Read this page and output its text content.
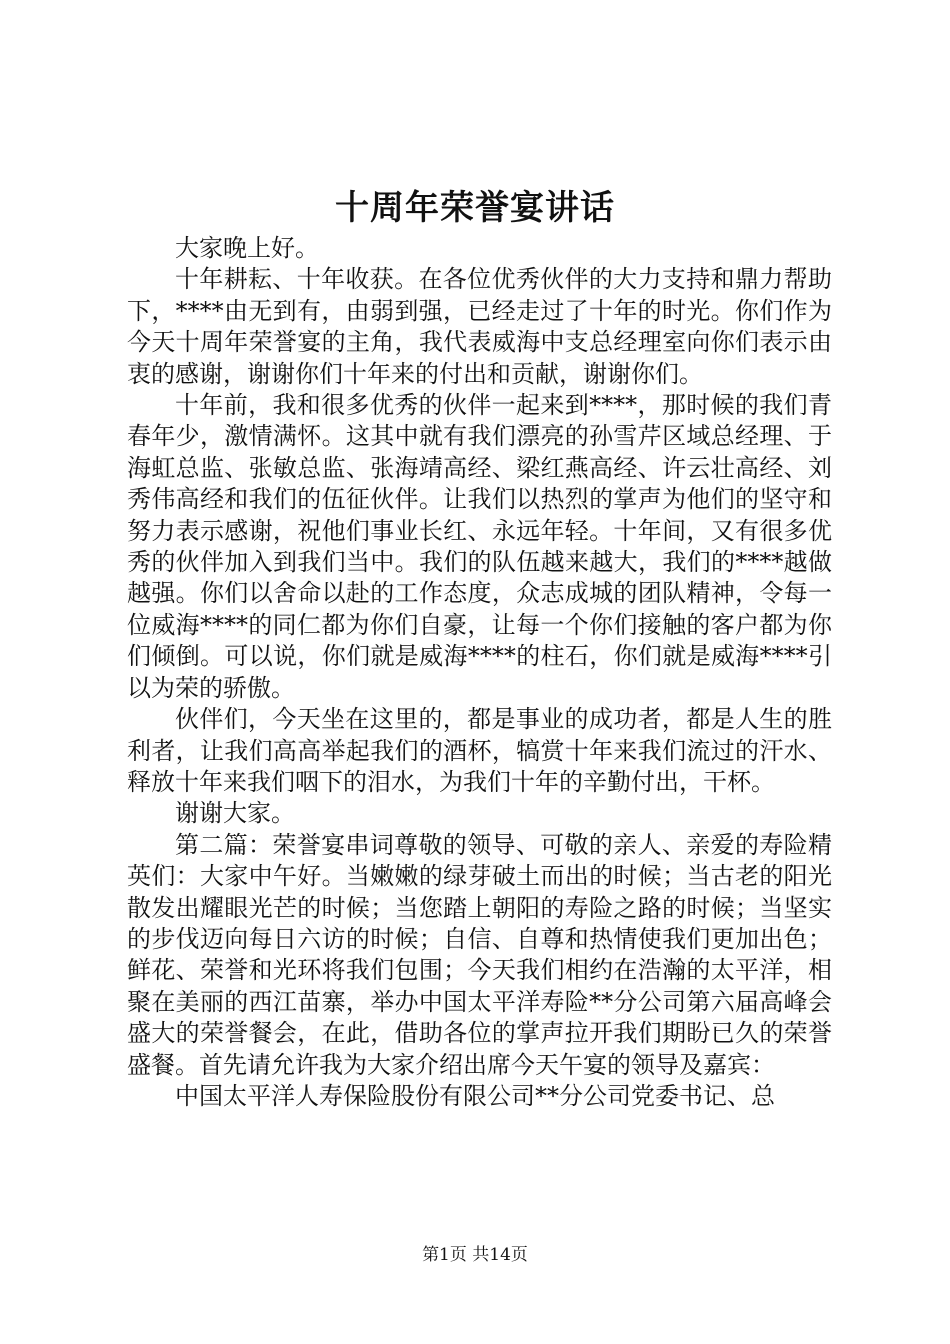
十周年荣誉宴讲话

大家晚上好。

十年耕耘、十年收获。在各位优秀伙伴的大力支持和鼎力帮助下，****由无到有，由弱到强，已经走过了十年的时光。你们作为今天十周年荣誉宴的主角，我代表威海中支总经理室向你们表示由衷的感谢，谢谢你们十年来的付出和贡献，谢谢你们。

十年前，我和很多优秀的伙伴一起来到****，那时候的我们青春年少，激情满怀。这其中就有我们漂亮的孙雪芹区域总经理、于海虹总监、张敏总监、张海靖高经、梁红燕高经、许云壮高经、刘秀伟高经和我们的伍征伙伴。让我们以热烈的掌声为他们的坚守和努力表示感谢，祝他们事业长红、永远年轻。十年间，又有很多优秀的伙伴加入到我们当中。我们的队伍越来越大，我们的****越做越强。你们以舍命以赴的工作态度，众志成城的团队精神，令每一位威海****的同仁都为你们自豪，让每一个你们接触的客户都为你们倾倒。可以说，你们就是威海****的柱石，你们就是威海****引以为荣的骄傲。

伙伴们，今天坐在这里的，都是事业的成功者，都是人生的胜利者，让我们高高举起我们的酒杯，犒赏十年来我们流过的汗水、释放十年来我们咽下的泪水，为我们十年的辛勤付出，干杯。

谢谢大家。

第二篇：荣誉宴串词尊敬的领导、可敬的亲人、亲爱的寿险精英们：大家中午好。当嫩嫩的绿芽破土而出的时候；当古老的阳光散发出耀眼光芒的时候；当您踏上朝阳的寿险之路的时候；当坚实的步伐迈向每日六访的时候；自信、自尊和热情使我们更加出色；鲜花、荣誉和光环将我们包围；今天我们相约在浩瀚的太平洋，相聚在美丽的西江苗寨，举办中国太平洋寿险**分公司第六届高峰会盛大的荣誉餐会，在此，借助各位的掌声拉开我们期盼已久的荣誉盛餐。首先请允许我为大家介绍出席今天午宴的领导及嘉宾：

中国太平洋人寿保险股份有限公司**分公司党委书记、总

第1页 共14页
